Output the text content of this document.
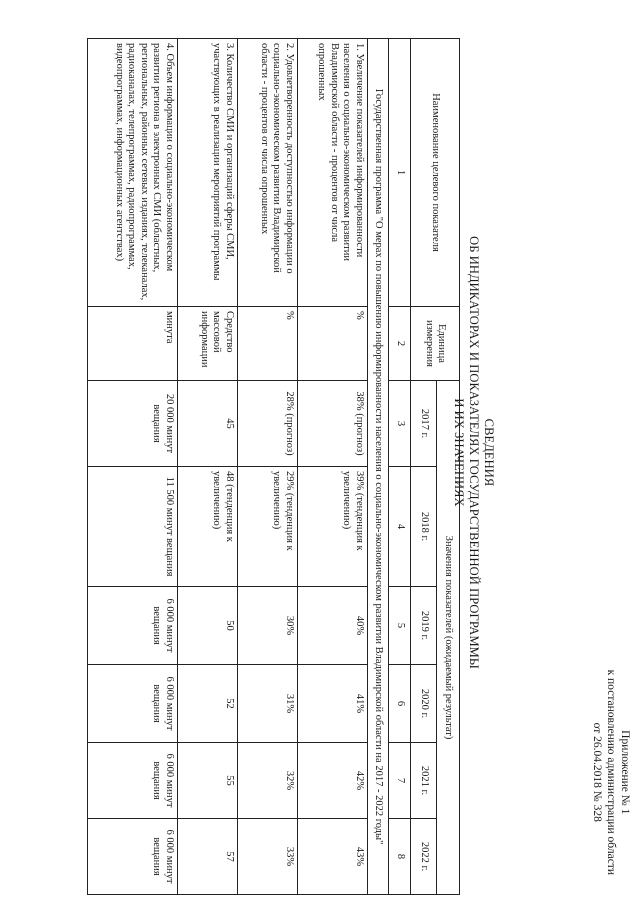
Приложение № 1
к постановлению администрации области
от 26.04.2018 № 328
СВЕДЕНИЯ
ОБ ИНДИКАТОРАХ И ПОКАЗАТЕЛЯХ ГОСУДАРСТВЕННОЙ ПРОГРАММЫ
И ИХ ЗНАЧЕНИЯХ
Наименование целевого показателя	Единица измерения	Значения показателей (ожидаемый результат)					
		2017 г.	2018 г.	2019 г.	2020 г.	2021 г.	2022 г.
1	2	3	4	5	6	7	8
Государственная программа "О мерах по повышению информированности населения о социально-экономическом развитии Владимирской области на 2017 - 2022 годы"							
1. Увеличение показателей информированности населения о социально-экономическом развитии Владимирской области - процентов от числа опрошенных	%	38% (прогноз)	39% (тенденция к увеличению)	40%	41%	42%	43%
2. Удовлетворенность доступностью информации о социально-экономическом развитии Владимирской области - процентов от числа опрошенных	%	28% (прогноз)	29% (тенденция к увеличению)	30%	31%	32%	33%
3. Количество СМИ и организаций сферы СМИ, участвующих в реализации мероприятий программы	Средство массовой информации	45	48 (тенденция к увеличению)	50	52	55	57
4. Объем информации о социально-экономическом развитии региона в электронных СМИ (областных, региональных, районных сетевых изданиях, телеканалах, радиоканалах, телепрограммах, радиопрограммах, видеопрограммах, информационных агентствах)	минута	20 000 минут вещания	11 500 минут вещания	6 000 минут вещания	6 000 минут вещания	6 000 минут вещания	6 000 минут вещания
